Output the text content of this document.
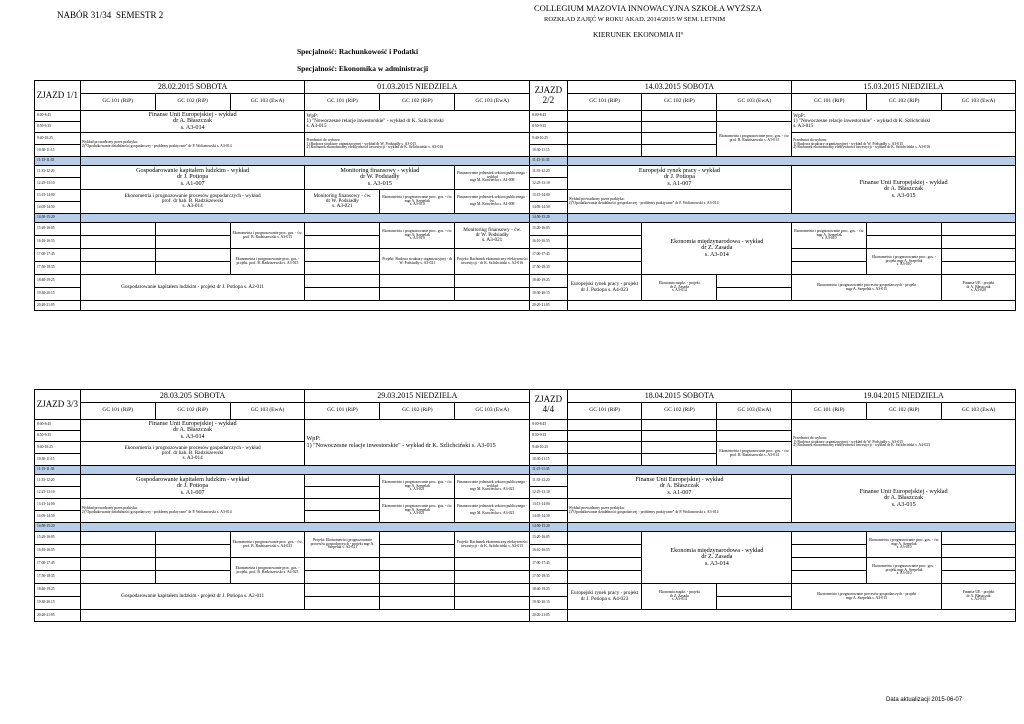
NABÓR 31/34 SEMESTR 2
COLLEGIUM MAZOVIA INNOWACYJNA SZKOŁA WYŻSZA
ROZKŁAD ZAJĘĆ W ROKU AKAD. 2014/2015 W SEM. LETNIM
KIERUNEK EKONOMIA II°
Specjalność: Rachunkowość i Podatki
Specjalność: Ekonomika w administracji
ZJAZD 1/1	28.02.2015 SOBOTA			01.03.2015 NIEDZIELA			ZJAZD 2/2	14.03.2015 SOBOTA			15.03.2015 NIEDZIELA		
	GC 101 (RiP)	GC 102 (RiP)	GC 103 (EwA)	GC 101 (RiP)	GC 102 (RiP)	GC 103 (EwA)		GC 101 (RiP)	GC 102 (RiP)	GC 103 (EwA)	GC 101 (RiP)	GC 102 (RiP)	GC 103 (EwA)
8:00-8:45	Finanse Unii Europejskiej - wykład
dr A. Błaszczak
s. A3-014			WpP:
1) "Nowoczesne relacje inwestorskie" - wykład dr K. Szlichciński
s. A3-015			8:00-8:45				WpP:
1) "Nowoczesne relacje inwestorskie" - wykład dr K. Szlichciński
s. A3-015		
8:50-9:35							8:50-9:35			Ekonometria i prognozowanie proc. gos. - ćw. prof. B. Radziszewski s. A3-013			
9:40-10:25	Wykład prowadzony przez praktyka:
2)"Opodatkowanie działalności gospodarczej - problemy praktyczne" dr P. Woltanowski s. A3-014			Przedmiot do wyboru:
1) Budowa struktury organizacyjnej - wykład dr W. Podsiadły s. A3-015
2) Rachunek ekonomiczny efektywności inwestycji - wykład dr K. Szlichciński s. A3-016			9:40-10:25				Przedmiot do wyboru:
1) Budowa struktury organizacyjnej - wykład dr W. Podsiadły s. A3-015
2) Rachunek ekonomiczny efektywności inwestycji - wykład dr K. Szlichciński s. A3-016		
10:30-11:15							10:30-11:15						
11:15-11:35							11:15-11:35						
11:35-12:20	Gospodarowanie kapitałem ludzkim - wykład
dr J. Potiopa
s. A1-007			Monitoring finansowy - wykład
dr W. Podsiadły
s. A3-015		Finansowanie jednostek sektora publicznego - wykład
mgr M. Krawiecka s. A4-008	11:35-12:20	Europejski rynek pracy - wykład
dr J. Potiopa
s. A1-007			Finanse Unii Europejskiej - wykład
dr A. Błaszczak
s. A3-015		
12:25-13:10							12:25-13:10						
13:15-14:00	Ekonometria i prognozowanie procesów gospodarczych - wykład
prof. dr hab. B. Radziszewski
s. A3-014			Monitoring finansowy - ćw.
dr W. Podsiadły
s. A3-021	Ekonometria i prognozowanie proc. gos. - ćw. mgr A. Szepelak
s. A3-010	Finansowanie jednostek sektora publicznego - ćw.
mgr M. Krawiecka s. A4-008	13:15-14:00	Wykład prowadzony przez praktyka:
2)"Opodatkowanie działalności gospodarczej - problemy praktyczne" dr P. Woltanowski s. A3-014					
14:05-14:50							14:05-14:50						
14:50-15:20							14:50-15:20						
15:20-16:05			Ekonometria i prognozowanie proc. gos. - ćw. prof. B. Radziszewski s. A3-015		Ekonometria i prognozowanie proc. gos. - ćw. mgr A. Szepelak
s. A3-010	Monitoring finansowy - ćw.
dr W. Podsiadły
s. A3-021	15:20-16:05		Ekonomia międzynarodowa - wykład
dr Z. Zasada
s. A3-014		Ekonometria i prognozowanie proc. gos. - ćw. mgr A. Szepelak
s. A3-010		
16:10-16:55							16:10-16:55						
17:00-17:45			Ekonometria i prognozowanie proc. gos. - projekt. prof. B. Radziszewski s. A3-015		Projekt: Budowa struktury organizacyjnej - dr W. Podsiadły s. A3-021	Projekt: Rachunek ekonomiczny efektywności inwestycji - dr K. Szlichciński s. A2-016	17:00-17:45					Ekonometria i prognozowanie proc. gos. - projekt mgr A. Szepelak
s. A3-010	
17:50-18:35							17:50-18:35						
18:40-19:25	Gospodarowanie kapitałem ludzkim - projekt dr J. Potiopa s. A2-011						18:40-19:25	Europejski rynek pracy - projekt
dr J. Potiopa s. A4-023	Ekonomia międz. - projekt
dr Z. Zasada
s. A3-014		Ekonometria i prognozowanie procesów gospodarczych - projekt
mgr A. Szepelak s. A3-015		Finanse UE - projekt
dr A. Błaszczak
s. A3-020
19:30-20:15							19:30-20:15						
20:20-21:05							20:20-21:05						
ZJAZD 3/3	28.03.205 SOBOTA			29.03.2015 NIEDZIELA			ZJAZD 4/4	18.04.2015 SOBOTA			19.04.2015 NIEDZIELA		
	GC 101 (RiP)	GC 102 (RiP)	GC 103 (EwA)	GC 101 (RiP)	GC 102 (RiP)	GC 103 (EwA)		GC 101 (RiP)	GC 102 (RiP)	GC 103 (EwA)	GC 101 (RiP)	GC 102 (RiP)	GC 103 (EwA)
8:00-8:45	Finanse Unii Europejskiej - wykład
dr A. Błaszczak
s. A3-014			WpP:
1) "Nowoczesne relacje inwestorskie" - wykład dr K. Szlichciński s. A3-015			8:00-8:45				Przedmiot do wyboru:
1) Budowa struktury organizacyjnej - wykład dr W. Podsiadły s. A3-015
2) Rachunek ekonomiczny efektywności inwestycji - wykład dr K. Szlichciński s. A4-023		
8:50-9:35							8:50-9:35						
9:40-10:25	Ekonometria i prognozowanie procesów gospodarczych - wykład
prof. dr hab. B. Radziszewski
s. A3-014						9:40-10:25			Ekonometria i prognozowanie proc. gos. - ćw. prof. B. Radziszewski s. A3-014			
10:30-11:15							10:30-11:15						
11:15-11:35							11:15-11:35						
11:35-12:20	Gospodarowanie kapitałem ludzkim - wykład
dr J. Potiopa
s. A1-007				Ekonometria i prognozowanie proc. gos. - ćw. mgr A. Szepelak
s. A3-021	Finansowanie jednostek sektora publicznego - wykład
mgr M. Krawiecka s. A3-021	11:35-12:20	Finanse Unii Europejskiej - wykład
dr A. Błaszczak
s. A1-007			Finanse Unii Europejskiej - wykład
dr A. Błaszczak
s. A3-015		
12:25-13:10							12:25-13:10						
13:15-14:00	Wykład prowadzony przez praktyka:
2)"Opodatkowanie działalności gospodarczej - problemy praktyczne" dr P. Woltanowski s. A3-014				Ekonometria i prognozowanie proc. gos. - ćw. mgr A. Szepelak
s. A3-021	Finansowanie jednostek sektora publicznego - ćw.
mgr M. Krawiecka s. A3-021	13:15-14:00	Wykład prowadzony przez praktyka:
2)"Opodatkowanie działalności gospodarczej - problemy praktyczne" dr P. Woltanowski s. A3-014					
14:05-14:50							14:05-14:50						
14:50-15:20							14:50-15:20						
15:20-16:05			Ekonometria i prognozowanie proc. gos. - ćw. prof. B. Radziszewski s. A4-023	Projekt: Ekonometria i prognozowanie procesów gospodarczych - projekt mgr A. Szepelak s. A3-021		Projekt: Rachunek ekonomiczny efektywności inwestycji - dr K. Szlichciński s. A3-015	15:20-16:05		Ekonomia międzynarodowa - wykład
dr Z. Zasada
s. A3-014			Ekonometria i prognozowanie proc. gos. - ćw. mgr A. Szepelak
s. A3-010	
16:10-16:55							16:10-16:55						
17:00-17:45			Ekonometria i prognozowanie proc. gos. - projekt. prof. B. Radziszewski s. A4-023				17:00-17:45					Ekonometria i prognozowanie proc. gos. - projekt mgr A. Szepelak
s. A3-010	
17:50-18:35							17:50-18:35						
18:40-19:25	Gospodarowanie kapitałem ludzkim - projekt dr J. Potiopa s. A2-011						18:40-19:25	Europejski rynek pracy - projekt
dr J. Potiopa s. A4-023	Ekonomia międz. - projekt
dr Z. Zasada
s. A3-014		Ekonometria i prognozowanie procesów gospodarczych - projekt
mgr A. Szepelak s. A3-015		Finanse UE - projekt
dr A. Błaszczak
s. A3-013
19:30-20:15							19:30-20:15						
20:20-21:05							20:20-21:05						
Data aktualizacji 2015-06-07
